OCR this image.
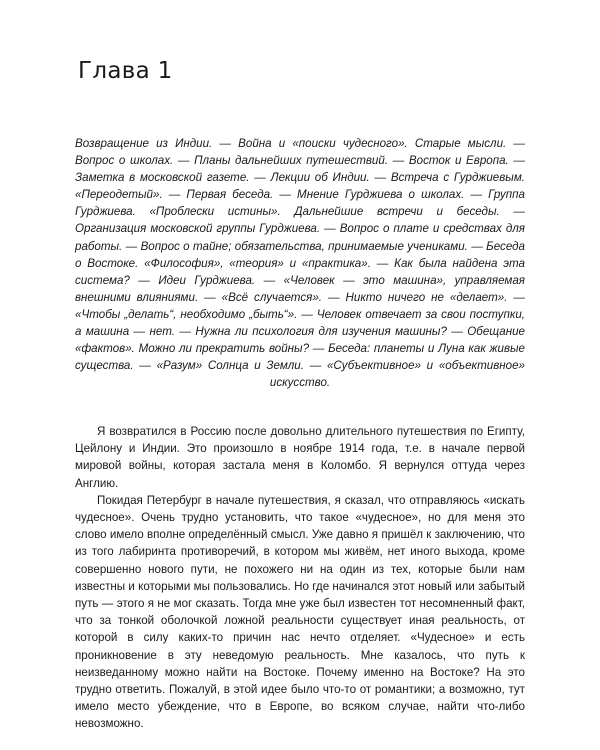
Глава 1

Возвращение из Индии. — Война и «поиски чудесного». Старые мысли. — Вопрос о школах. — Планы дальнейших путешествий. — Восток и Европа. — Заметка в московской газете. — Лекции об Индии. — Встреча с Гурджиевым. «Переодетый». — Первая беседа. — Мнение Гурджиева о школах. — Группа Гурджиева. «Проблески истины». Дальнейшие встречи и беседы. — Организация московской группы Гурджиева. — Вопрос о плате и средствах для работы. — Вопрос о тайне; обязательства, принимаемые учениками. — Беседа о Востоке. «Философия», «теория» и «практика». — Как была найдена эта система? — Идеи Гурджиева. — «Человек — это машина», управляемая внешними влияниями. — «Всё случается». — Никто ничего не «делает». — «Чтобы „делать“, необходимо „быть“». — Человек отвечает за свои поступки, а машина — нет. — Нужна ли психология для изучения машины? — Обещание «фактов». Можно ли прекратить войны? — Беседа: планеты и Луна как живые существа. — «Разум» Солнца и Земли. — «Субъективное» и «объективное» искусство.

Я возвратился в Россию после довольно длительного путешествия по Египту, Цейлону и Индии. Это произошло в ноябре 1914 года, т.е. в начале первой мировой войны, которая застала меня в Коломбо. Я вернулся оттуда через Англию.

Покидая Петербург в начале путешествия, я сказал, что отправляюсь «искать чудесное». Очень трудно установить, что такое «чудесное», но для меня это слово имело вполне определённый смысл. Уже давно я пришёл к заключению, что из того лабиринта противоречий, в котором мы живём, нет иного выхода, кроме совершенно нового пути, не похожего ни на один из тех, которые были нам известны и которыми мы пользовались. Но где начинался этот новый или забытый путь — этого я не мог сказать. Тогда мне уже был известен тот несомненный факт, что за тонкой оболочкой ложной реальности существует иная реальность, от которой в силу каких-то причин нас нечто отделяет. «Чудесное» и есть проникновение в эту неведомую реальность. Мне казалось, что путь к неизведанному можно найти на Востоке. Почему именно на Востоке? На это трудно ответить. Пожалуй, в этой идее было что-то от романтики; а возможно, тут имело место убеждение, что в Европе, во всяком случае, найти что-либо невозможно.
